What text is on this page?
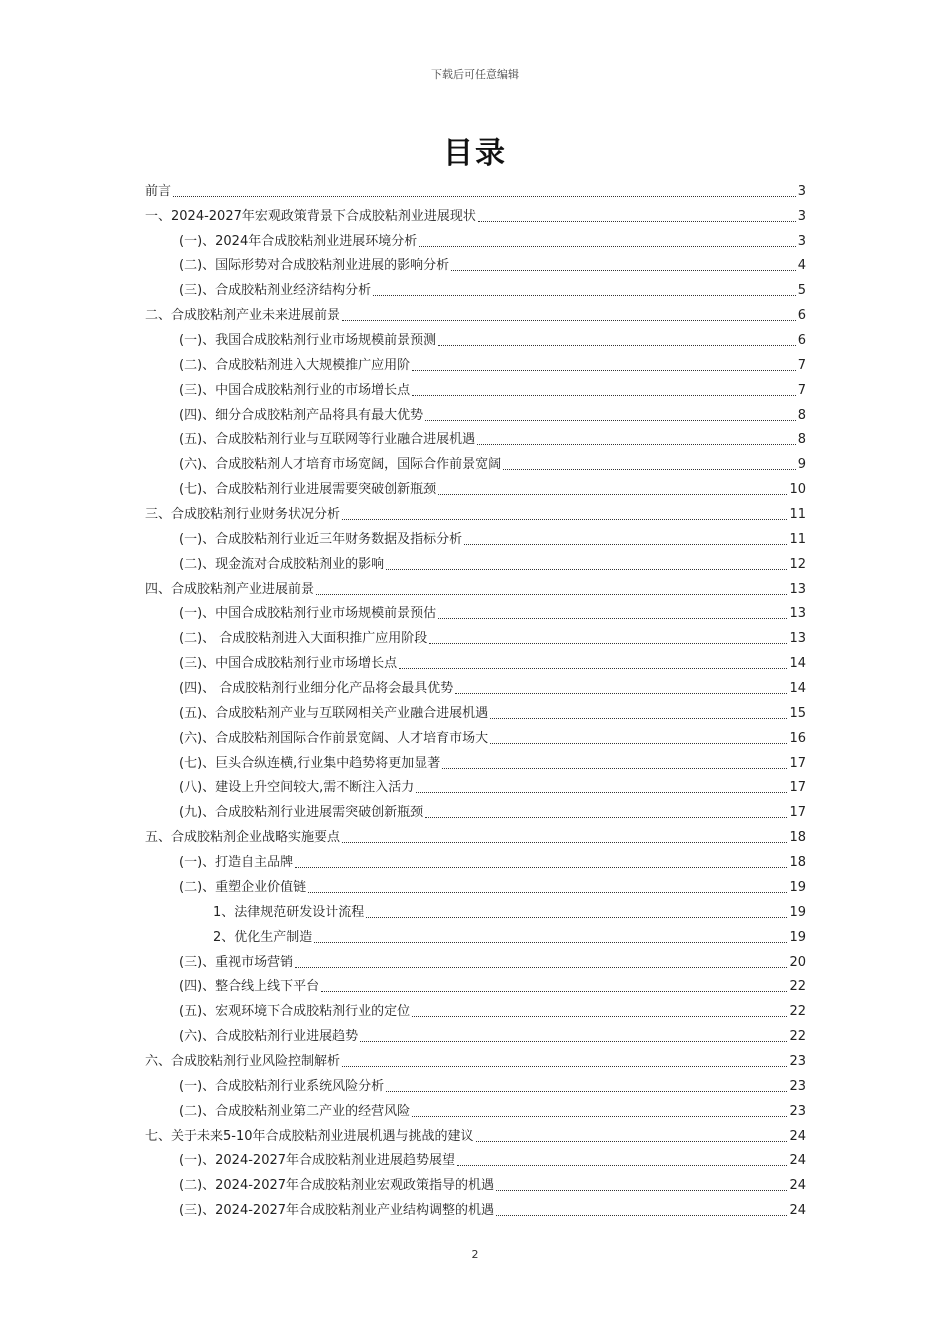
下载后可任意编辑
目录
前言	3
一、2024-2027年宏观政策背景下合成胶粘剂业进展现状	3
(一)、2024年合成胶粘剂业进展环境分析	3
(二)、国际形势对合成胶粘剂业进展的影响分析	4
(三)、合成胶粘剂业经济结构分析	5
二、合成胶粘剂产业未来进展前景	6
(一)、我国合成胶粘剂行业市场规模前景预测	6
(二)、合成胶粘剂进入大规模推广应用阶	7
(三)、中国合成胶粘剂行业的市场增长点	7
(四)、细分合成胶粘剂产品将具有最大优势	8
(五)、合成胶粘剂行业与互联网等行业融合进展机遇	8
(六)、合成胶粘剂人才培育市场宽阔，国际合作前景宽阔	9
(七)、合成胶粘剂行业进展需要突破创新瓶颈	10
三、合成胶粘剂行业财务状况分析	11
(一)、合成胶粘剂行业近三年财务数据及指标分析	11
(二)、现金流对合成胶粘剂业的影响	12
四、合成胶粘剂产业进展前景	13
(一)、中国合成胶粘剂行业市场规模前景预估	13
(二)、 合成胶粘剂进入大面积推广应用阶段	13
(三)、中国合成胶粘剂行业市场增长点	14
(四)、 合成胶粘剂行业细分化产品将会最具优势	14
(五)、合成胶粘剂产业与互联网相关产业融合进展机遇	15
(六)、合成胶粘剂国际合作前景宽阔、人才培育市场大	16
(七)、巨头合纵连横,行业集中趋势将更加显著	17
(八)、建设上升空间较大,需不断注入活力	17
(九)、合成胶粘剂行业进展需突破创新瓶颈	17
五、合成胶粘剂企业战略实施要点	18
(一)、打造自主品牌	18
(二)、重塑企业价值链	19
1、法律规范研发设计流程	19
2、优化生产制造	19
(三)、重视市场营销	20
(四)、整合线上线下平台	22
(五)、宏观环境下合成胶粘剂行业的定位	22
(六)、合成胶粘剂行业进展趋势	22
六、合成胶粘剂行业风险控制解析	23
(一)、合成胶粘剂行业系统风险分析	23
(二)、合成胶粘剂业第二产业的经营风险	23
七、关于未来5-10年合成胶粘剂业进展机遇与挑战的建议	24
(一)、2024-2027年合成胶粘剂业进展趋势展望	24
(二)、2024-2027年合成胶粘剂业宏观政策指导的机遇	24
(三)、2024-2027年合成胶粘剂业产业结构调整的机遇	24
2
